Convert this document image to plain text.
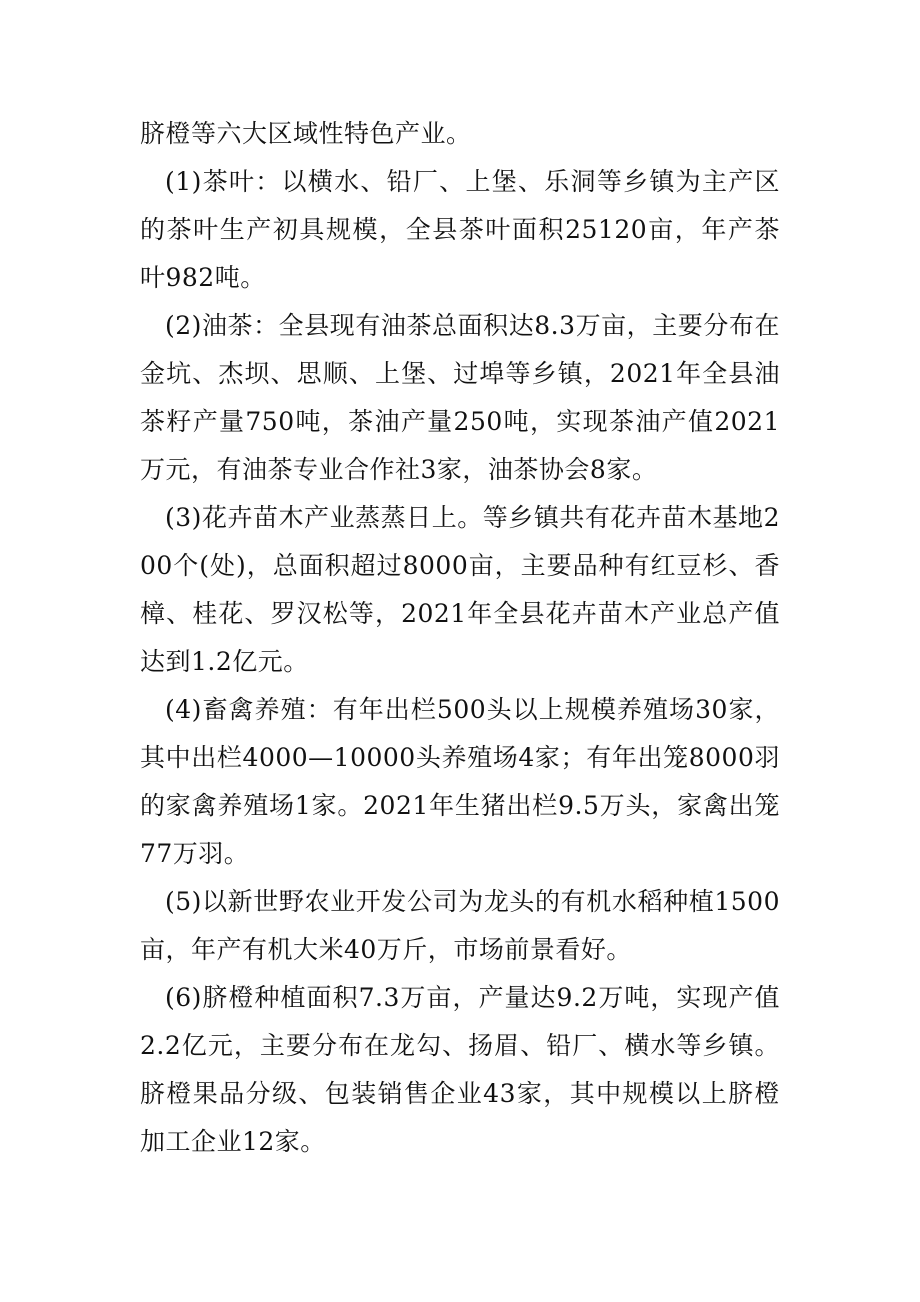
脐橙等六大区域性特色产业。

(1)茶叶：以横水、铅厂、上堡、乐洞等乡镇为主产区的茶叶生产初具规模，全县茶叶面积25120亩，年产茶叶982吨。

(2)油茶：全县现有油茶总面积达8.3万亩，主要分布在金坑、杰坝、思顺、上堡、过埠等乡镇，2021年全县油茶籽产量750吨，茶油产量250吨，实现茶油产值2021万元，有油茶专业合作社3家，油茶协会8家。

(3)花卉苗木产业蒸蒸日上。等乡镇共有花卉苗木基地200个(处)，总面积超过8000亩，主要品种有红豆杉、香樟、桂花、罗汉松等，2021年全县花卉苗木产业总产值达到1.2亿元。

(4)畜禽养殖：有年出栏500头以上规模养殖场30家，其中出栏4000—10000头养殖场4家；有年出笼8000羽的家禽养殖场1家。2021年生猪出栏9.5万头，家禽出笼77万羽。

(5)以新世野农业开发公司为龙头的有机水稻种植1500亩，年产有机大米40万斤，市场前景看好。

(6)脐橙种植面积7.3万亩，产量达9.2万吨，实现产值2.2亿元，主要分布在龙勾、扬眉、铅厂、横水等乡镇。脐橙果品分级、包装销售企业43家，其中规模以上脐橙加工企业12家。
